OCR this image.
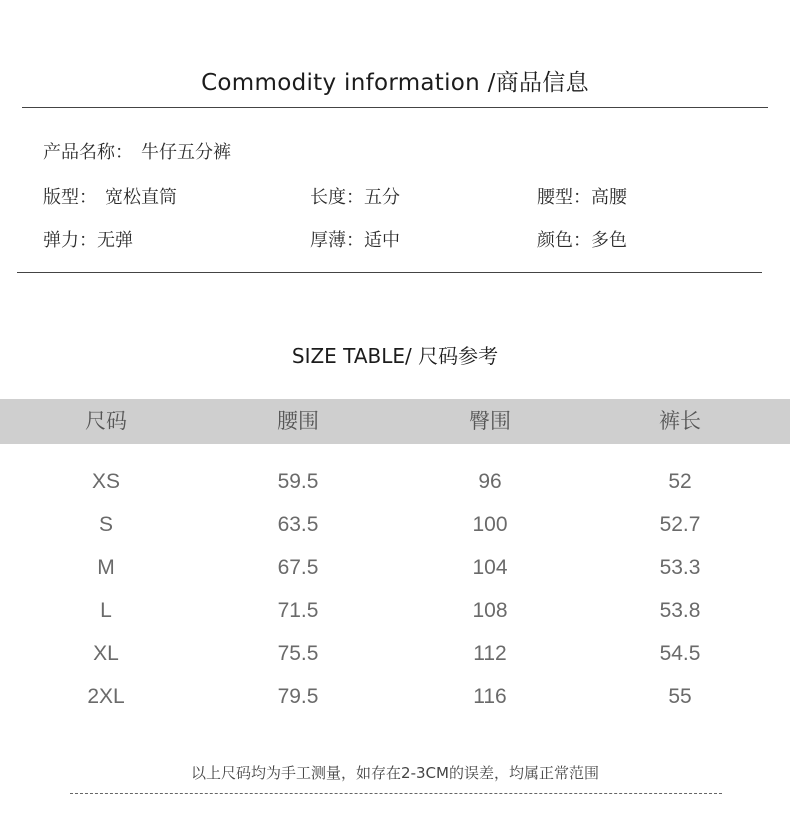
Commodity information /商品信息
产品名称： 牛仔五分裤
版型： 宽松直筒	长度：五分	腰型：高腰
弹力：无弹	厚薄：适中	颜色：多色
SIZE TABLE/ 尺码参考
尺码	腰围	臀围	裤长
XS	59.5	96	52
S	63.5	100	52.7
M	67.5	104	53.3
L	71.5	108	53.8
XL	75.5	112	54.5
2XL	79.5	116	55
以上尺码均为手工测量，如存在2-3CM的误差，均属正常范围
